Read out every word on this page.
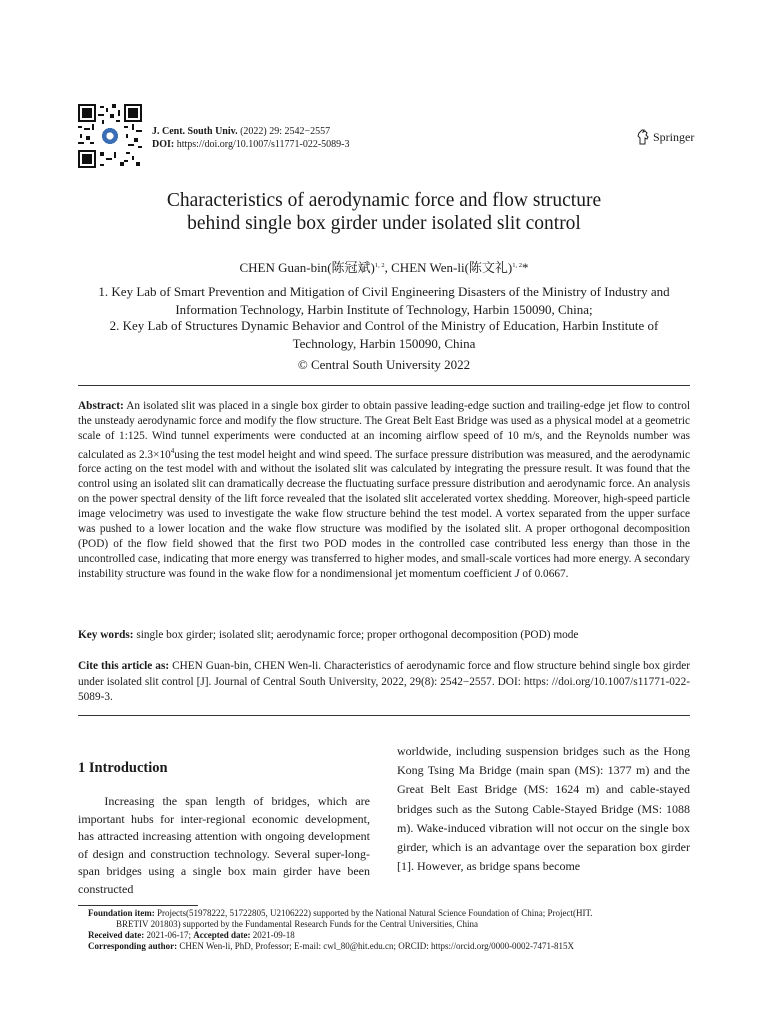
J. Cent. South Univ. (2022) 29: 2542−2557
DOI: https://doi.org/10.1007/s11771-022-5089-3
Springer
Characteristics of aerodynamic force and flow structure
behind single box girder under isolated slit control
CHEN Guan-bin(陈冠斌)$^{1, 2}$, CHEN Wen-li(陈文礼)$^{1, 2}$*
1. Key Lab of Smart Prevention and Mitigation of Civil Engineering Disasters of the Ministry of Industry and
Information Technology, Harbin Institute of Technology, Harbin 150090, China;
2. Key Lab of Structures Dynamic Behavior and Control of the Ministry of Education, Harbin Institute of
Technology, Harbin 150090, China
© Central South University 2022
Abstract: An isolated slit was placed in a single box girder to obtain passive leading-edge suction and trailing-edge jet flow to control the unsteady aerodynamic force and modify the flow structure. The Great Belt East Bridge was used as a physical model at a geometric scale of 1:125. Wind tunnel experiments were conducted at an incoming airflow speed of 10 m/s, and the Reynolds number was calculated as $2.3\times 10^4using$ the test model height and wind speed. The surface pressure distribution was measured, and the aerodynamic force acting on the test model with and without the isolated slit was calculated by integrating the pressure result. It was found that the control using an isolated slit can dramatically decrease the fluctuating surface pressure distribution and aerodynamic force. An analysis on the power spectral density of the lift force revealed that the isolated slit accelerated vortex shedding. Moreover, high-speed particle image velocimetry was used to investigate the wake flow structure behind the test model. A vortex separated from the upper surface was pushed to a lower location and the wake flow structure was modified by the isolated slit. A proper orthogonal decomposition (POD) of the flow field showed that the first two POD modes in the controlled case contributed less energy than those in the uncontrolled case, indicating that more energy was transferred to higher modes, and small-scale vortices had more energy. A secondary instability structure was found in the wake flow for a nondimensional jet momentum coefficient J of 0.0667.
Key words: single box girder; isolated slit; aerodynamic force; proper orthogonal decomposition (POD) mode
Cite this article as: CHEN Guan-bin, CHEN Wen-li. Characteristics of aerodynamic force and flow structure behind single box girder under isolated slit control [J]. Journal of Central South University, 2022, 29(8): 2542−2557. DOI: https: //doi.org/10.1007/s11771-022-5089-3.
1 Introduction
Increasing the span length of bridges, which are important hubs for inter-regional economic development, has attracted increasing attention with ongoing development of design and construction technology. Several super-long-span bridges using a single box main girder have been constructed
worldwide, including suspension bridges such as the Hong Kong Tsing Ma Bridge (main span (MS): 1377 m) and the Great Belt East Bridge (MS: 1624 m) and cable-stayed bridges such as the Sutong Cable-Stayed Bridge (MS: 1088 m). Wake-induced vibration will not occur on the single box girder, which is an advantage over the separation box girder [1]. However, as bridge spans become
Foundation item: Projects(51978222, 51722805, U2106222) supported by the National Natural Science Foundation of China; Project(HIT.
BRETIV 201803) supported by the Fundamental Research Funds for the Central Universities, China
Received date: 2021-06-17; Accepted date: 2021-09-18
Corresponding author: CHEN Wen-li, PhD, Professor; E-mail: cwl_80@hit.edu.cn; ORCID: https://orcid.org/0000-0002-7471-815X
